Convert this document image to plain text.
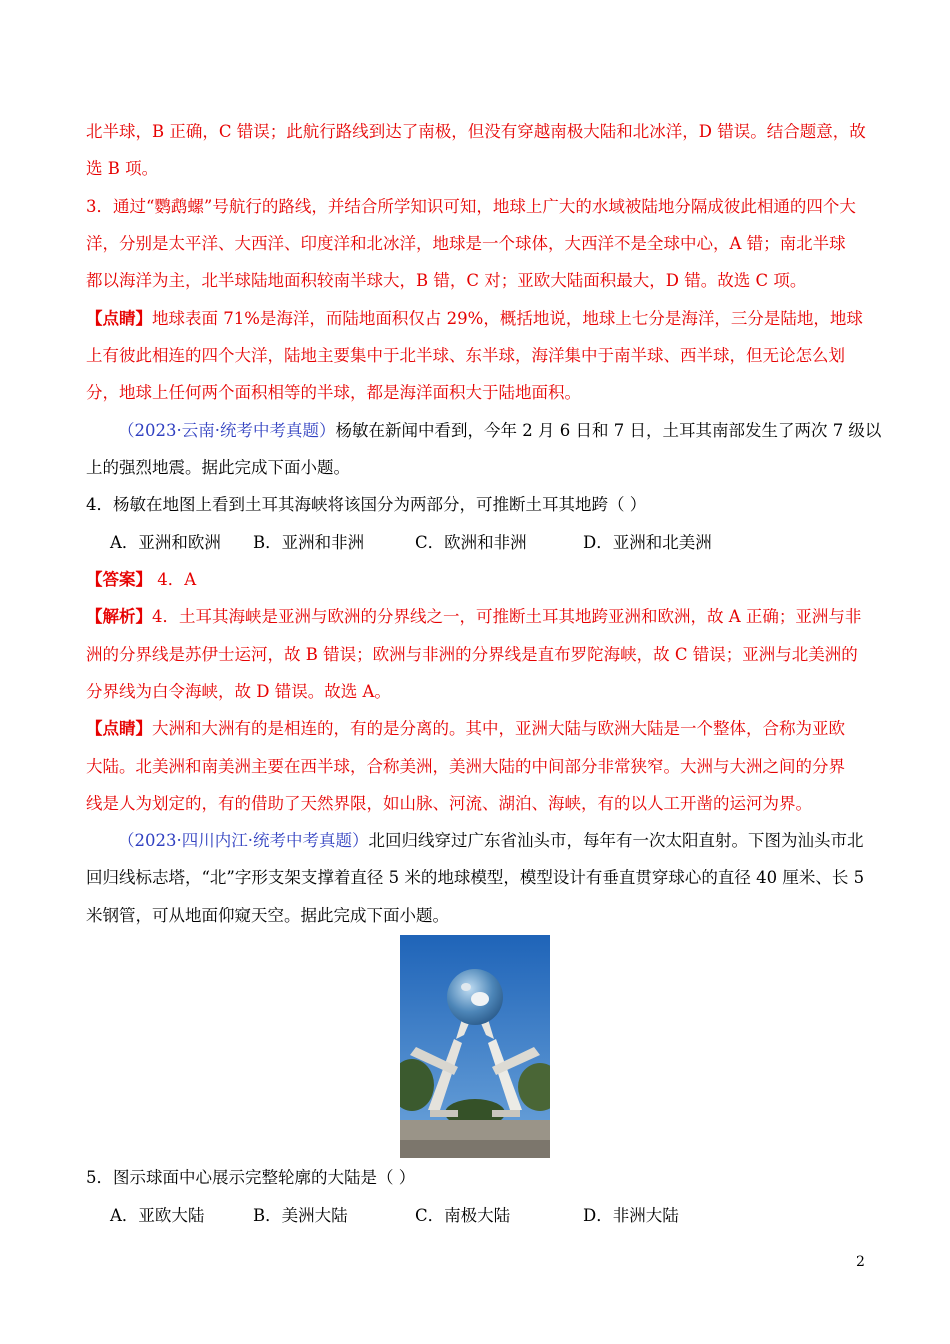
北半球，B 正确，C 错误；此航行路线到达了南极，但没有穿越南极大陆和北冰洋，D 错误。结合题意，故
选 B 项。
3．通过“鹦鹉螺”号航行的路线，并结合所学知识可知，地球上广大的水域被陆地分隔成彼此相通的四个大
洋，分别是太平洋、大西洋、印度洋和北冰洋，地球是一个球体，大西洋不是全球中心，A 错；南北半球
都以海洋为主，北半球陆地面积较南半球大，B 错，C 对；亚欧大陆面积最大，D 错。故选 C 项。
【点睛】地球表面 71%是海洋，而陆地面积仅占 29%，概括地说，地球上七分是海洋，三分是陆地，地球
上有彼此相连的四个大洋，陆地主要集中于北半球、东半球，海洋集中于南半球、西半球，但无论怎么划
分，地球上任何两个面积相等的半球，都是海洋面积大于陆地面积。
（2023·云南·统考中考真题）杨敏在新闻中看到，今年 2 月 6 日和 7 日，土耳其南部发生了两次 7 级以
上的强烈地震。据此完成下面小题。
4．杨敏在地图上看到土耳其海峡将该国分为两部分，可推断土耳其地跨（ ）
A．亚洲和欧洲 B．亚洲和非洲	C．欧洲和非洲	D．亚洲和北美洲
【答案】 4．A
【解析】4．土耳其海峡是亚洲与欧洲的分界线之一，可推断土耳其地跨亚洲和欧洲，故 A 正确；亚洲与非
洲的分界线是苏伊士运河，故 B 错误；欧洲与非洲的分界线是直布罗陀海峡，故 C 错误；亚洲与北美洲的
分界线为白令海峡，故 D 错误。故选 A。
【点睛】大洲和大洲有的是相连的，有的是分离的。其中，亚洲大陆与欧洲大陆是一个整体，合称为亚欧
大陆。北美洲和南美洲主要在西半球，合称美洲，美洲大陆的中间部分非常狭窄。大洲与大洲之间的分界
线是人为划定的，有的借助了天然界限，如山脉、河流、湖泊、海峡，有的以人工开凿的运河为界。
（2023·四川内江·统考中考真题）北回归线穿过广东省汕头市，每年有一次太阳直射。下图为汕头市北
回归线标志塔，“北”字形支架支撑着直径 5 米的地球模型，模型设计有垂直贯穿球心的直径 40 厘米、长 5
米钢管，可从地面仰窥天空。据此完成下面小题。
5．图示球面中心展示完整轮廓的大陆是（ ）
A．亚欧大陆	B．美洲大陆	C．南极大陆	D．非洲大陆
2
